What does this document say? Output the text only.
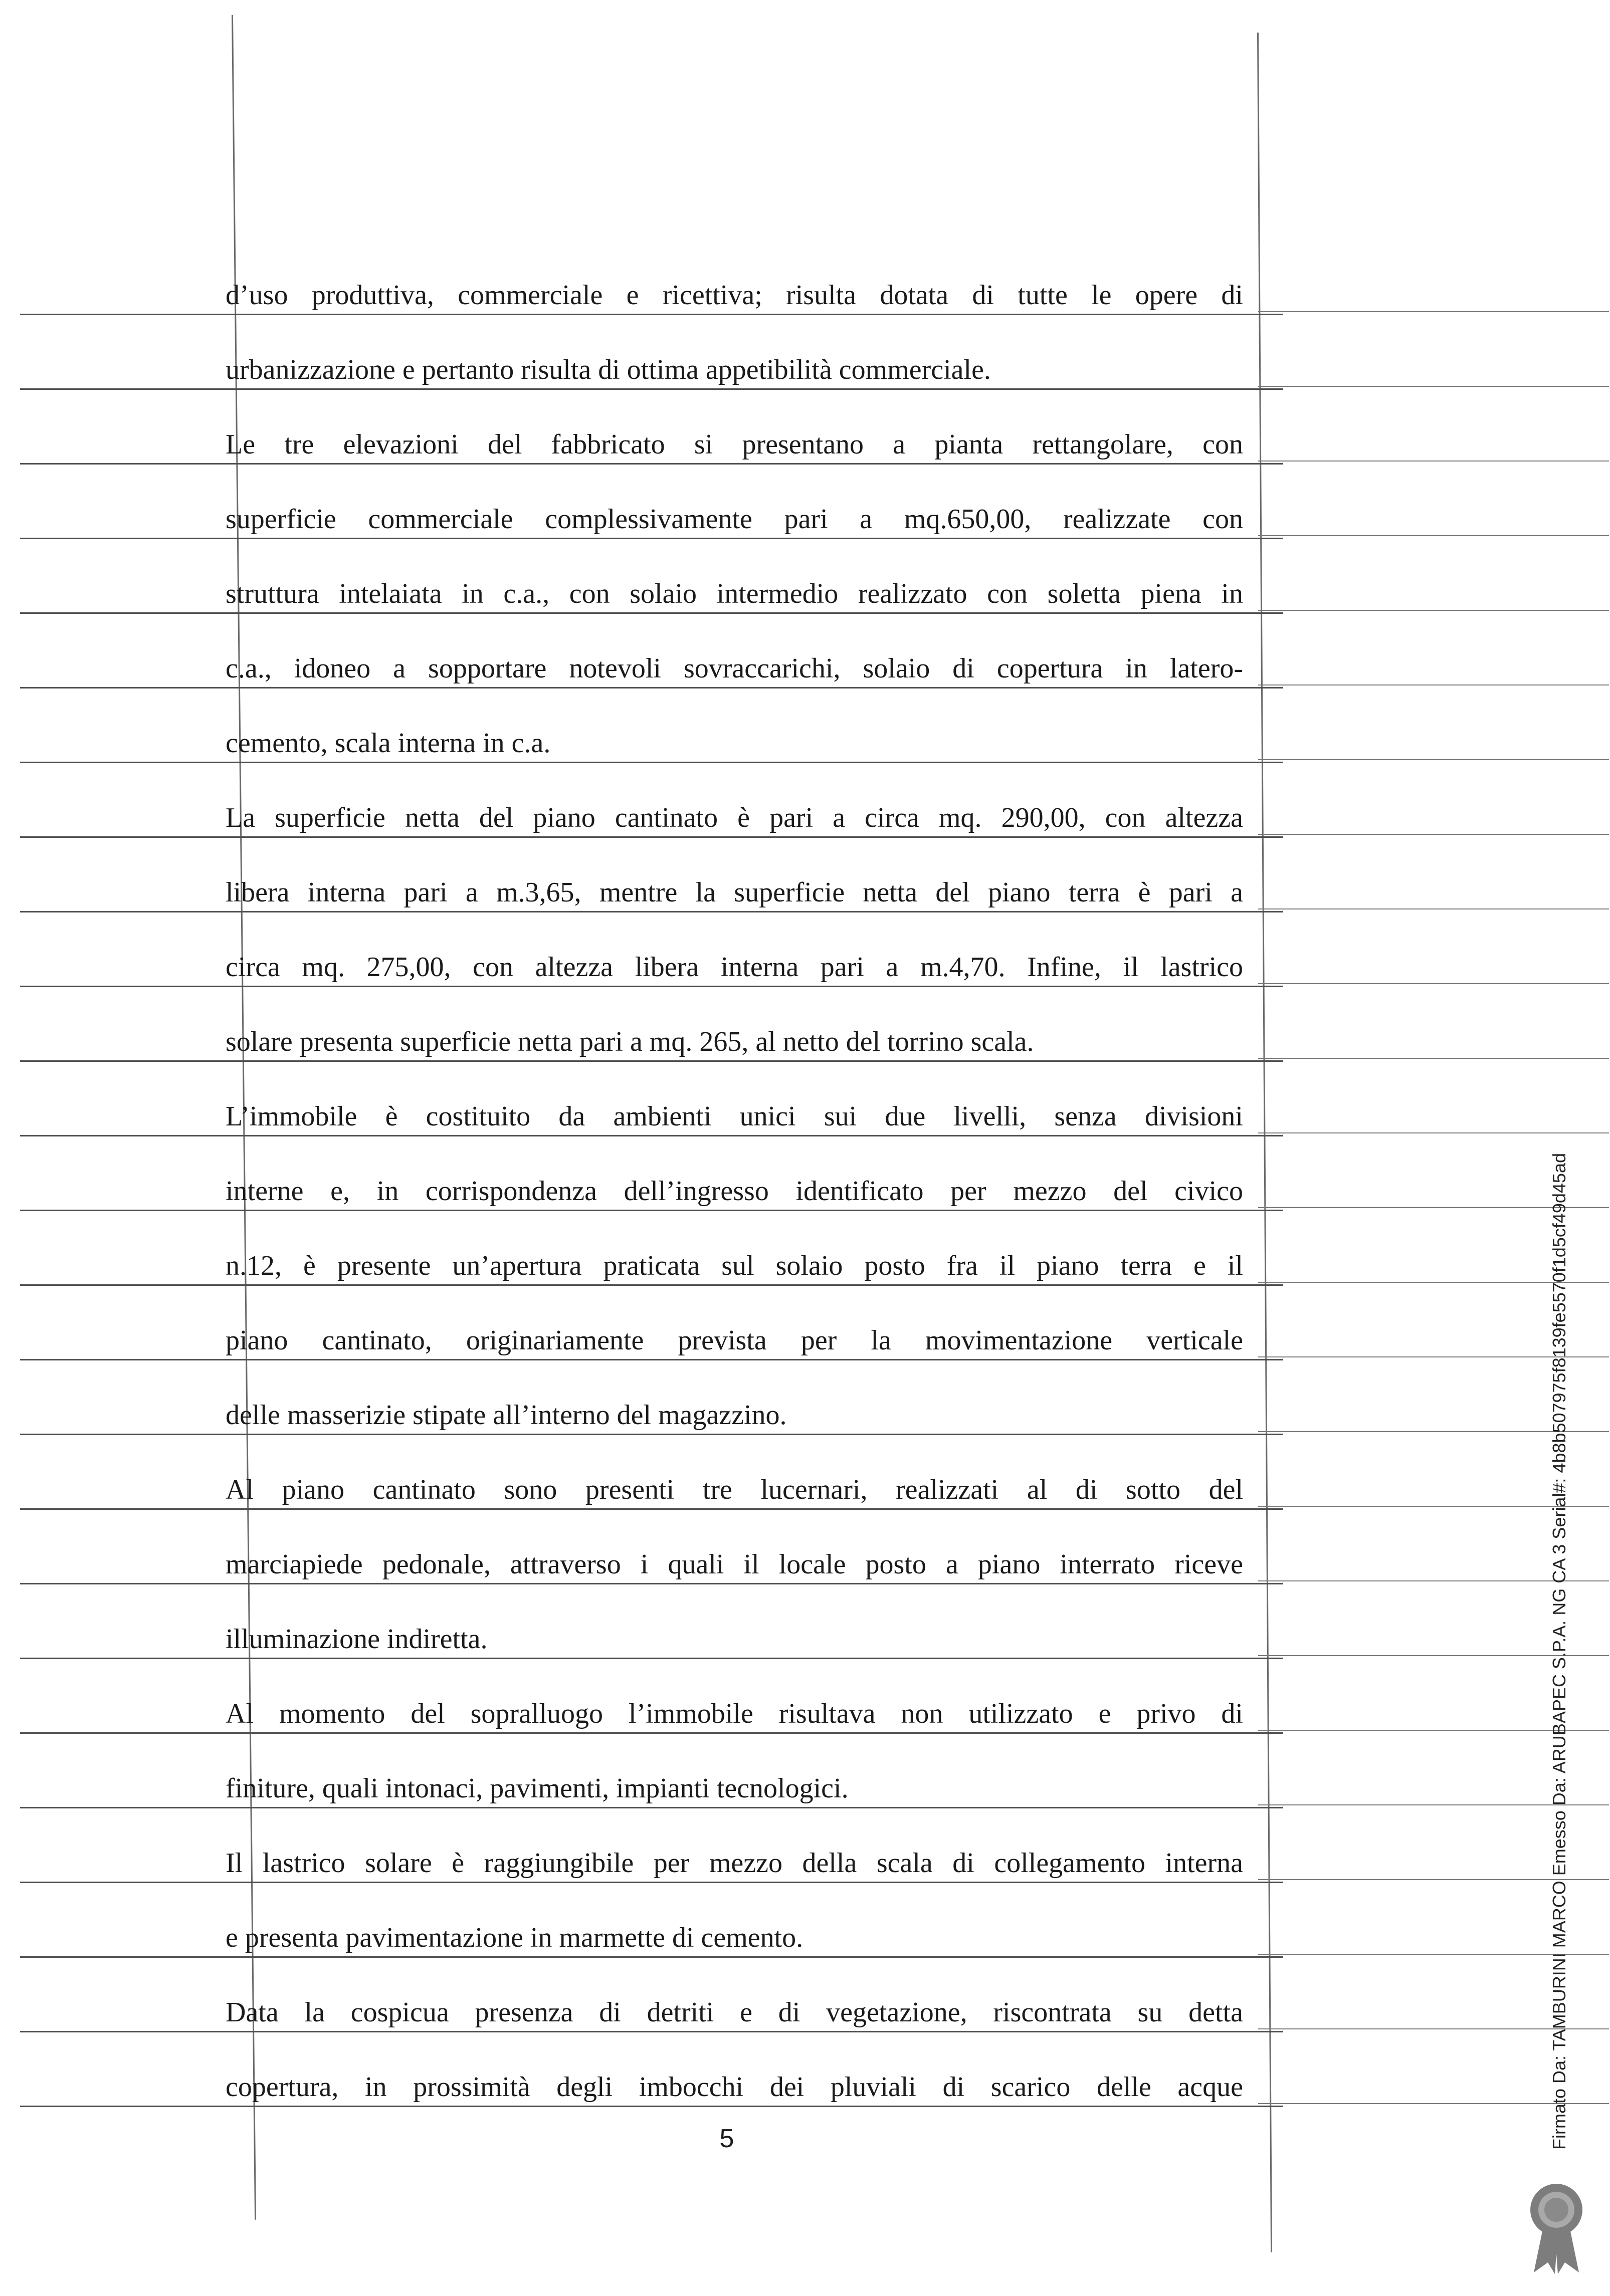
d’uso produttiva, commerciale e ricettiva; risulta dotata di tutte le opere di
urbanizzazione e pertanto risulta di ottima appetibilità commerciale.
Le tre elevazioni del fabbricato si presentano a pianta rettangolare, con
superficie commerciale complessivamente pari a mq.650,00, realizzate con
struttura intelaiata in c.a., con solaio intermedio realizzato con soletta piena in
c.a., idoneo a sopportare notevoli sovraccarichi, solaio di copertura in latero-
cemento, scala interna in c.a.
La superficie netta del piano cantinato è pari a circa mq. 290,00, con altezza
libera interna pari a m.3,65, mentre la superficie netta del piano terra è pari a
circa mq. 275,00, con altezza libera interna pari a m.4,70. Infine, il lastrico
solare presenta superficie netta pari a mq. 265, al netto del torrino scala.
L’immobile è costituito da ambienti unici sui due livelli, senza divisioni
interne e, in corrispondenza dell’ingresso identificato per mezzo del civico
n.12, è presente un’apertura praticata sul solaio posto fra il piano terra e il
piano cantinato, originariamente prevista per la movimentazione verticale
delle masserizie stipate all’interno del magazzino.
Al piano cantinato sono presenti tre lucernari, realizzati al di sotto del
marciapiede pedonale, attraverso i quali il locale posto a piano interrato riceve
illuminazione indiretta.
Al momento del sopralluogo l’immobile risultava non utilizzato e privo di
finiture, quali intonaci, pavimenti, impianti tecnologici.
Il lastrico solare è raggiungibile per mezzo della scala di collegamento interna
e presenta pavimentazione in marmette di cemento.
Data la cospicua presenza di detriti e di vegetazione, riscontrata su detta
copertura, in prossimità degli imbocchi dei pluviali di scarico delle acque
5	Firmato Da: TAMBURINI MARCO Emesso Da: ARUBAPEC S.P.A. NG CA 3 Serial#: 4b8b507975f8139fe5570f1d5cf49d45ad
